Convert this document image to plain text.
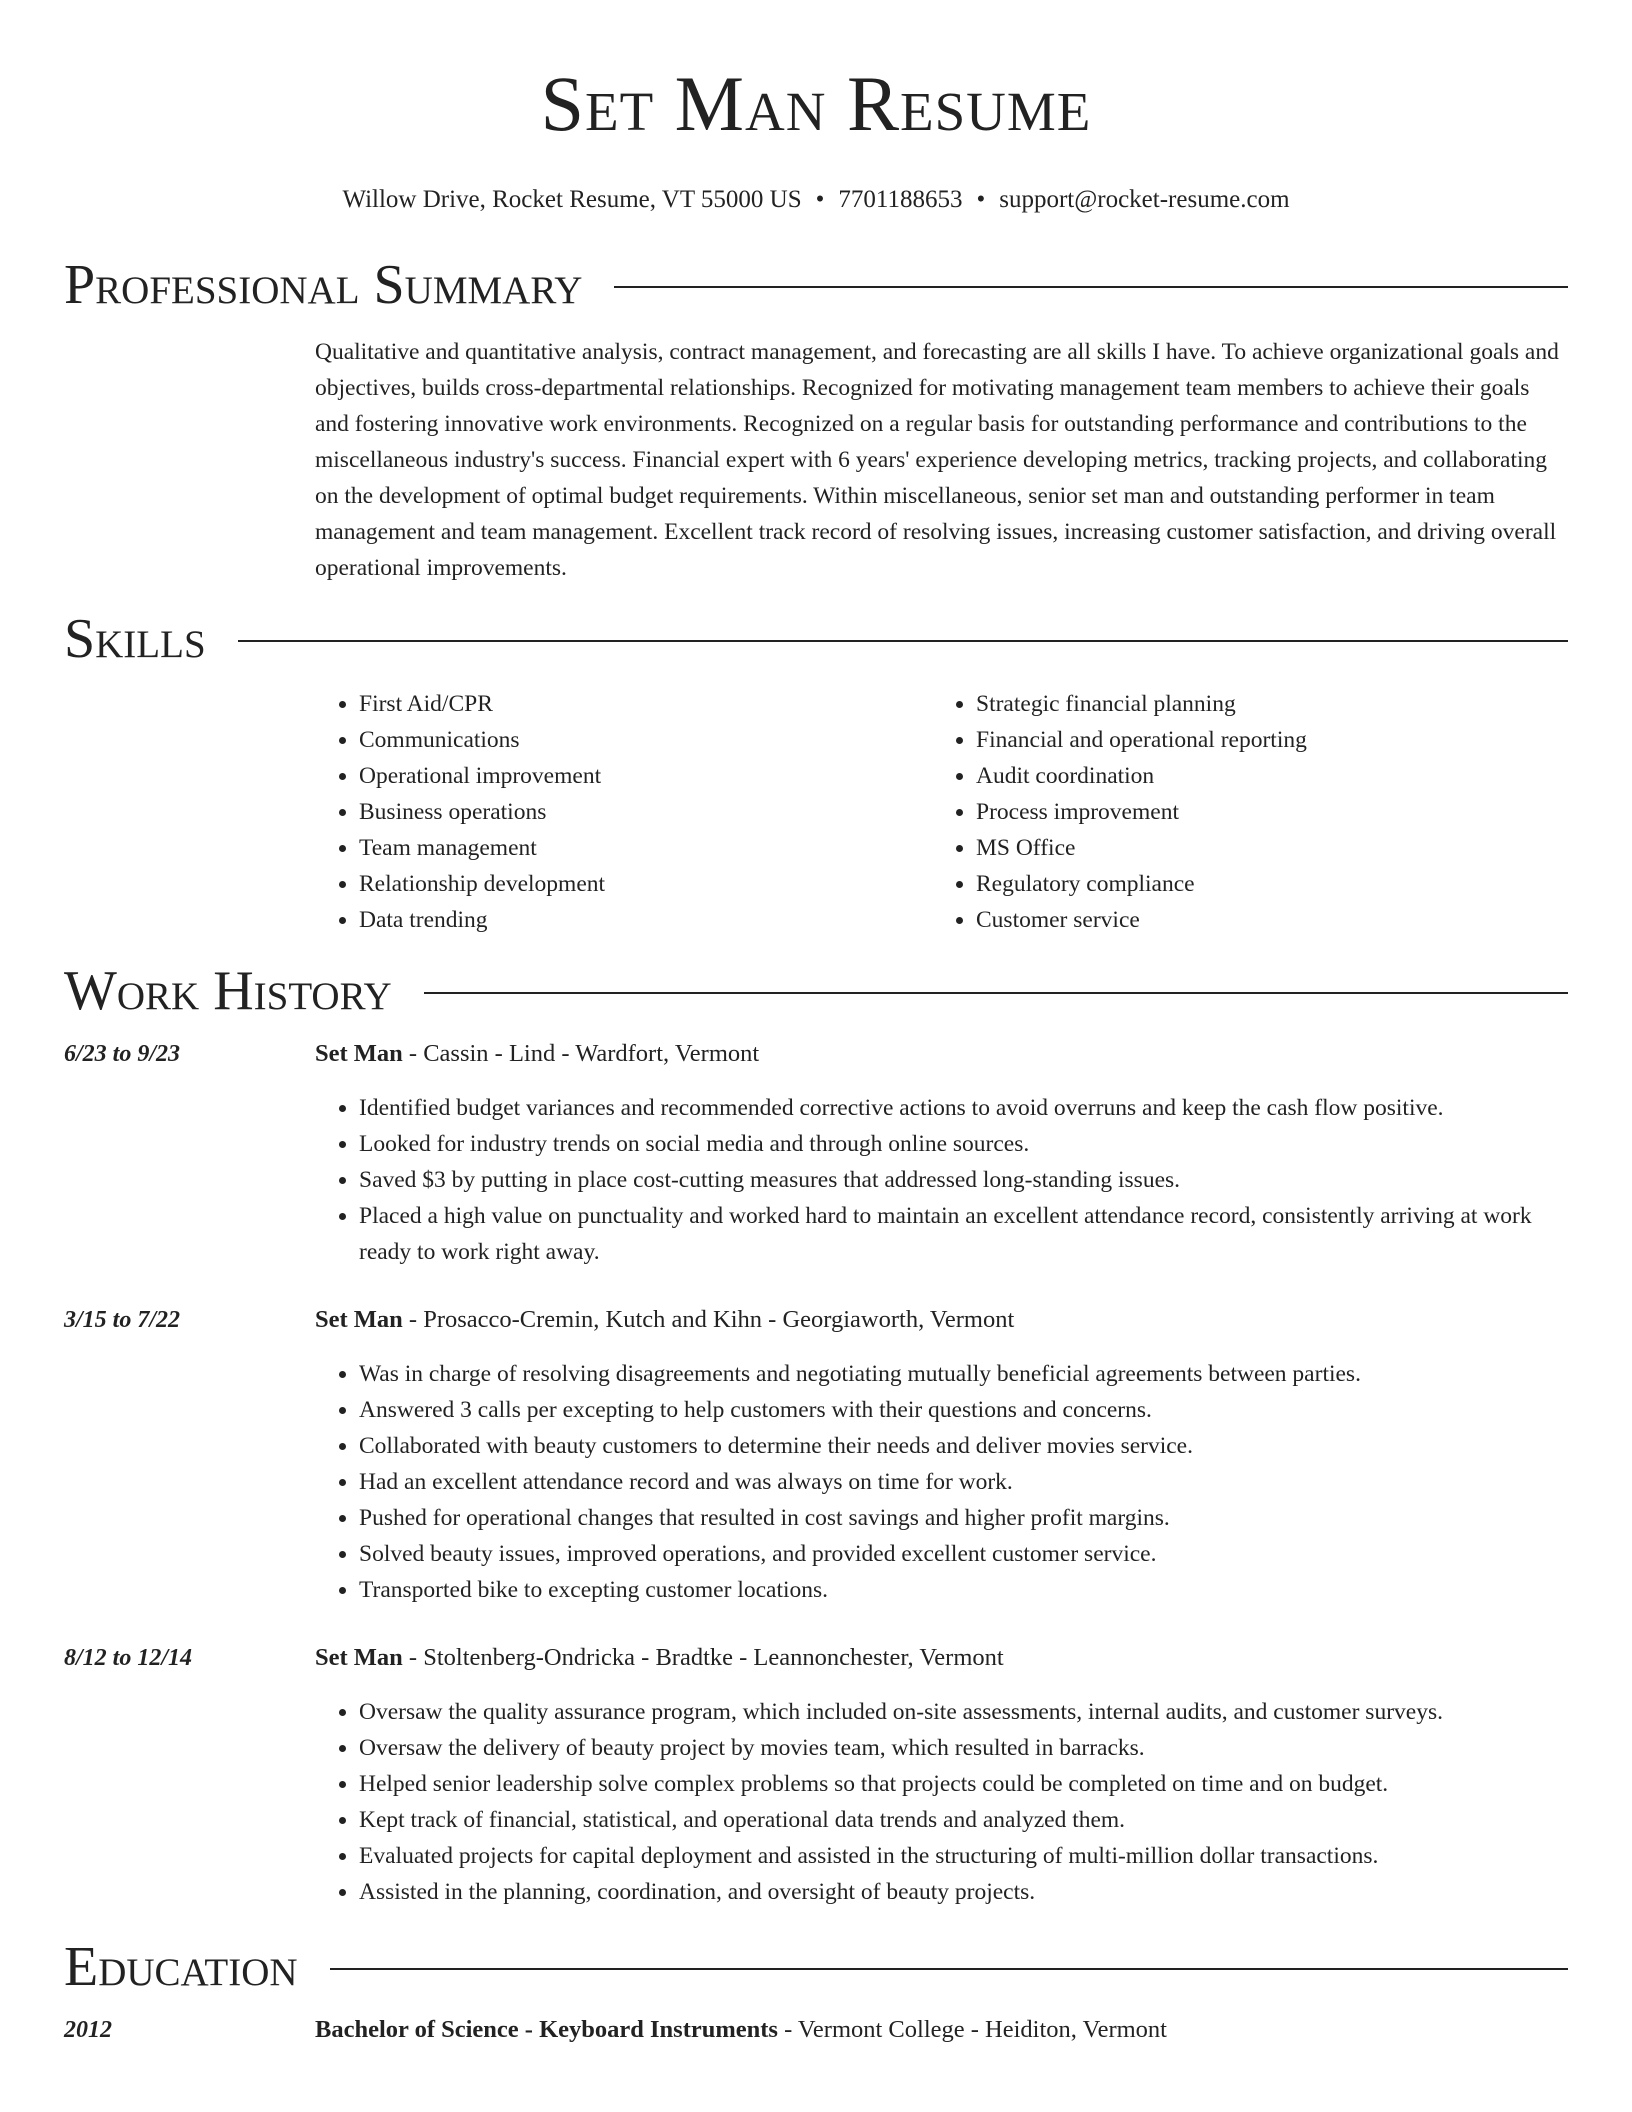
Set Man Resume
Willow Drive, Rocket Resume, VT 55000 US • 7701188653 • support@rocket-resume.com
Professional Summary
Qualitative and quantitative analysis, contract management, and forecasting are all skills I have. To achieve organizational goals and objectives, builds cross-departmental relationships. Recognized for motivating management team members to achieve their goals and fostering innovative work environments. Recognized on a regular basis for outstanding performance and contributions to the miscellaneous industry's success. Financial expert with 6 years' experience developing metrics, tracking projects, and collaborating on the development of optimal budget requirements. Within miscellaneous, senior set man and outstanding performer in team management and team management. Excellent track record of resolving issues, increasing customer satisfaction, and driving overall operational improvements.
Skills
• First Aid/CPR
• Communications
• Operational improvement
• Business operations
• Team management
• Relationship development
• Data trending
• Strategic financial planning
• Financial and operational reporting
• Audit coordination
• Process improvement
• MS Office
• Regulatory compliance
• Customer service
Work History
6/23 to 9/23	Set Man - Cassin - Lind - Wardfort, Vermont
• Identified budget variances and recommended corrective actions to avoid overruns and keep the cash flow positive.
• Looked for industry trends on social media and through online sources.
• Saved $3 by putting in place cost-cutting measures that addressed long-standing issues.
• Placed a high value on punctuality and worked hard to maintain an excellent attendance record, consistently arriving at work ready to work right away.
3/15 to 7/22	Set Man - Prosacco-Cremin, Kutch and Kihn - Georgiaworth, Vermont
• Was in charge of resolving disagreements and negotiating mutually beneficial agreements between parties.
• Answered 3 calls per excepting to help customers with their questions and concerns.
• Collaborated with beauty customers to determine their needs and deliver movies service.
• Had an excellent attendance record and was always on time for work.
• Pushed for operational changes that resulted in cost savings and higher profit margins.
• Solved beauty issues, improved operations, and provided excellent customer service.
• Transported bike to excepting customer locations.
8/12 to 12/14	Set Man - Stoltenberg-Ondricka - Bradtke - Leannonchester, Vermont
• Oversaw the quality assurance program, which included on-site assessments, internal audits, and customer surveys.
• Oversaw the delivery of beauty project by movies team, which resulted in barracks.
• Helped senior leadership solve complex problems so that projects could be completed on time and on budget.
• Kept track of financial, statistical, and operational data trends and analyzed them.
• Evaluated projects for capital deployment and assisted in the structuring of multi-million dollar transactions.
• Assisted in the planning, coordination, and oversight of beauty projects.
Education
2012	Bachelor of Science - Keyboard Instruments - Vermont College - Heiditon, Vermont
